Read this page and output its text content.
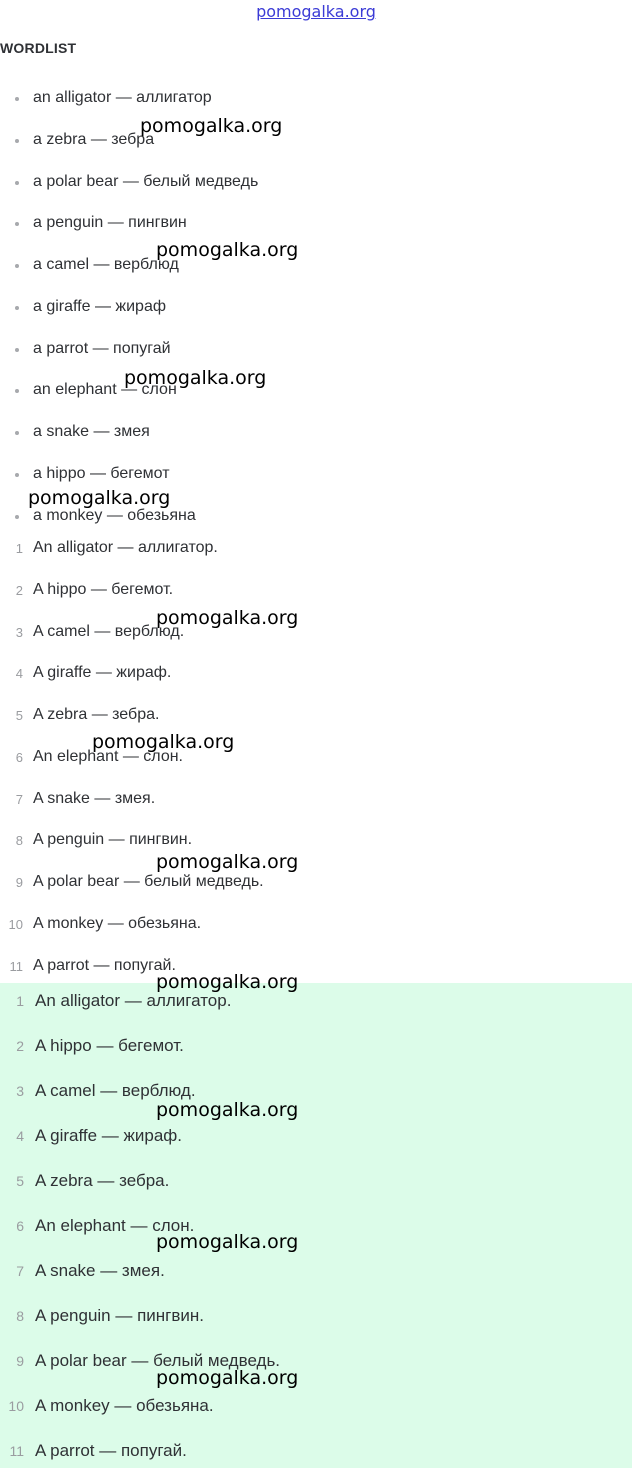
pomogalka.org
WORDLIST
an alligator — аллигатор
a zebra — зебра
a polar bear — белый медведь
a penguin — пингвин
a camel — верблюд
a giraffe — жираф
a parrot — попугай
an elephant — слон
a snake — змея
a hippo — бегемот
a monkey — обезьяна
1 An alligator — аллигатор.
2 A hippo — бегемот.
3 A camel — верблюд.
4 A giraffe — жираф.
5 A zebra — зебра.
6 An elephant — слон.
7 A snake — змея.
8 A penguin — пингвин.
9 A polar bear — белый медведь.
10 A monkey — обезьяна.
11 A parrot — попугай.
1 An alligator — аллигатор.
2 A hippo — бегемот.
3 A camel — верблюд.
4 A giraffe — жираф.
5 A zebra — зебра.
6 An elephant — слон.
7 A snake — змея.
8 A penguin — пингвин.
9 A polar bear — белый медведь.
10 A monkey — обезьяна.
11 A parrot — попугай.
pomogalka.org
pomogalka.org
pomogalka.org
pomogalka.org
pomogalka.org
pomogalka.org
pomogalka.org
pomogalka.org
pomogalka.org
pomogalka.org
pomogalka.org
